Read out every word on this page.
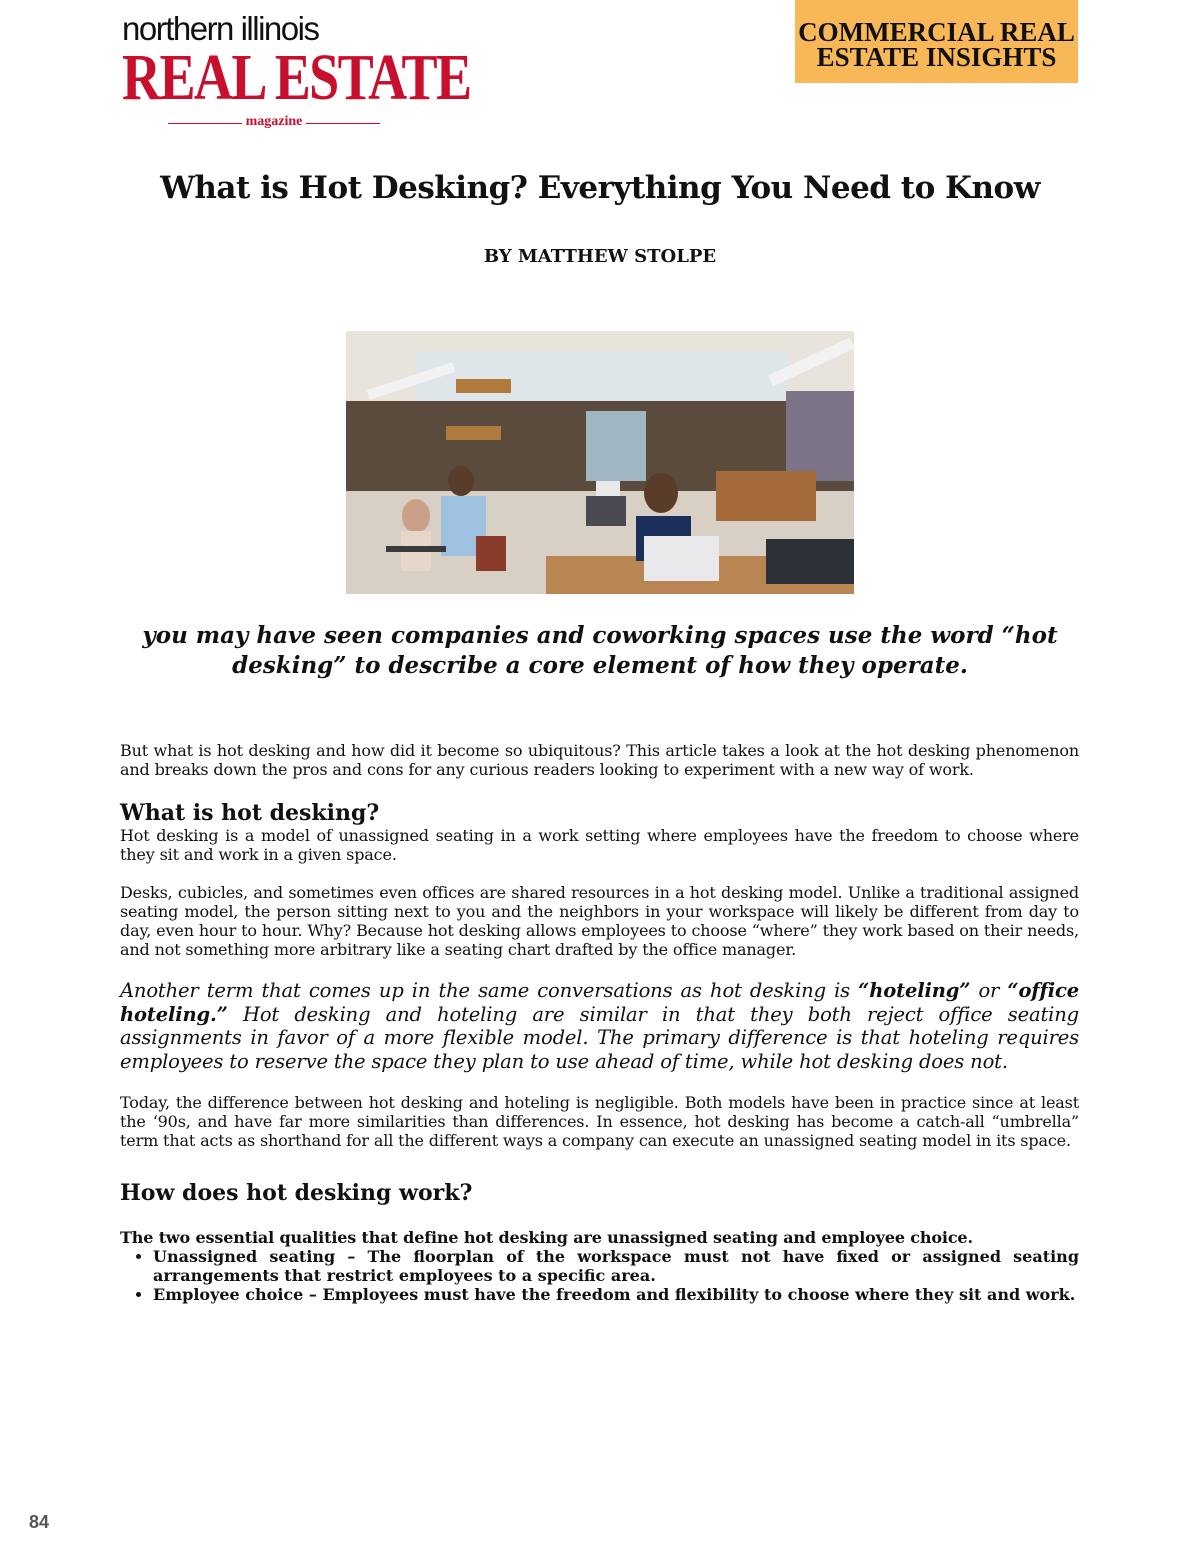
northern illinois
REAL ESTATE
magazine
COMMERCIAL REAL
ESTATE INSIGHTS
What is Hot Desking? Everything You Need to Know
BY MATTHEW STOLPE
you may have seen companies and coworking spaces use the word “hot desking” to describe a core element of how they operate.

But what is hot desking and how did it become so ubiquitous? This article takes a look at the hot desking phenomenon and breaks down the pros and cons for any curious readers looking to experiment with a new way of work.

What is hot desking?

Hot desking is a model of unassigned seating in a work setting where employees have the freedom to choose where they sit and work in a given space.

Desks, cubicles, and sometimes even offices are shared resources in a hot desking model. Unlike a traditional assigned seating model, the person sitting next to you and the neighbors in your workspace will likely be different from day to day, even hour to hour. Why? Because hot desking allows employees to choose “where” they work based on their needs, and not something more arbitrary like a seating chart drafted by the office manager.

Another term that comes up in the same conversations as hot desking is “hoteling” or “office hoteling.” Hot desking and hoteling are similar in that they both reject office seating assignments in favor of a more flexible model. The primary difference is that hoteling requires employees to reserve the space they plan to use ahead of time, while hot desking does not.

Today, the difference between hot desking and hoteling is negligible. Both models have been in practice since at least the ‘90s, and have far more similarities than differences. In essence, hot desking has become a catch-all “umbrella” term that acts as shorthand for all the different ways a company can execute an unassigned seating model in its space.

How does hot desking work?

The two essential qualities that define hot desking are unassigned seating and employee choice.

• Unassigned seating – The floorplan of the workspace must not have fixed or assigned seating arrangements that restrict employees to a specific area.
• Employee choice – Employees must have the freedom and flexibility to choose where they sit and work.
84
